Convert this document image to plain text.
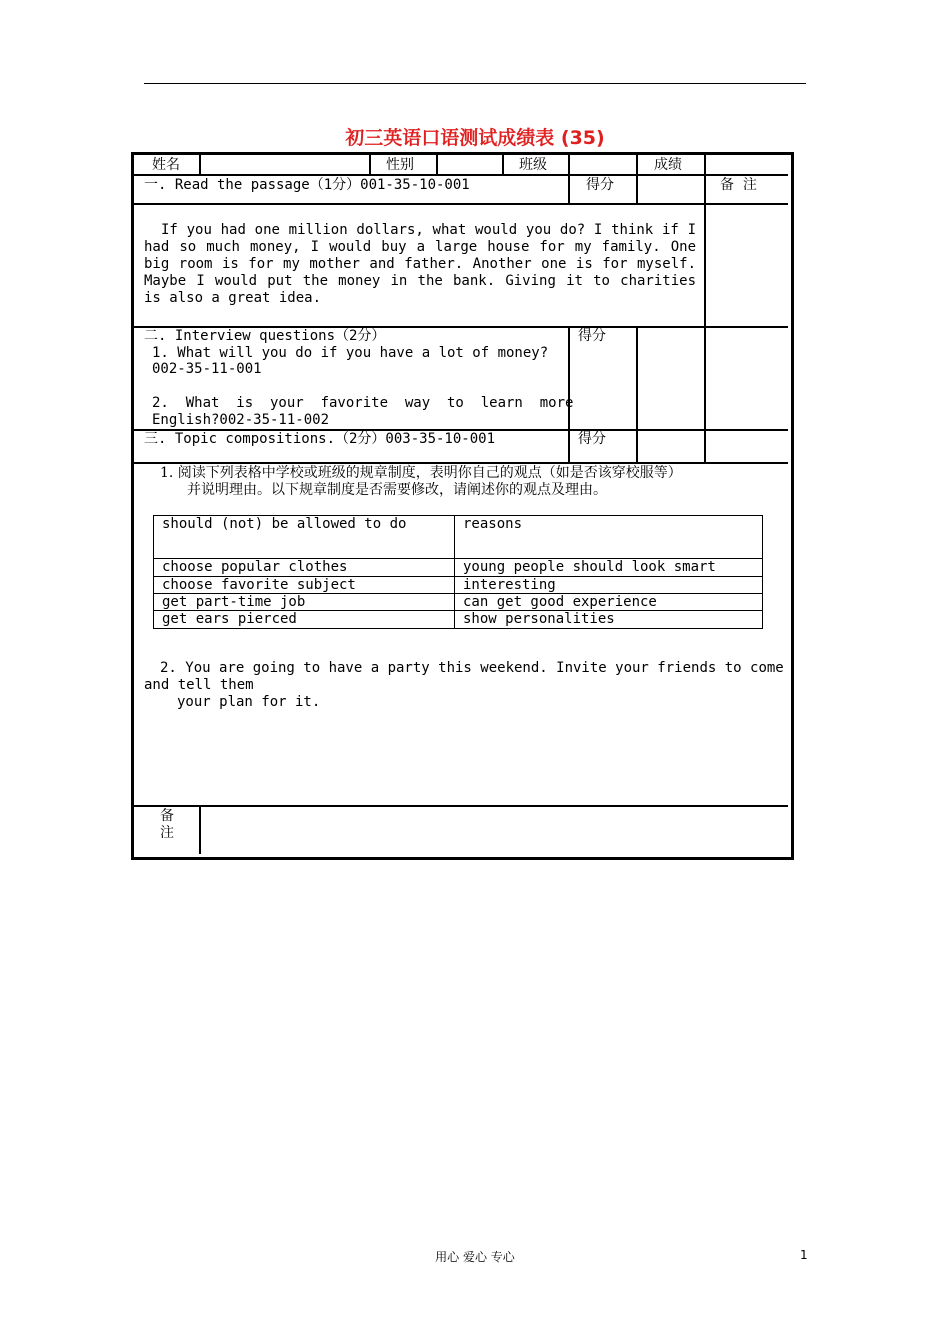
初三英语口语测试成绩表 (35)
姓名	性别	班级	成绩
一. Read the passage（1分）001-35-10-001	得分	备  注
If you had one million dollars, what would you do? I think if I had so much money, I would buy a large house for my family. One big room is for my mother and father. Another one is for myself. Maybe I would put the money in the bank. Giving it to charities is also a great idea.
二. Interview questions（2分）
1. What will you do if you have a lot of money?
002-35-11-001
2.  What  is  your  favorite  way  to  learn  more
English?002-35-11-002
得分
三. Topic compositions.（2分）003-35-10-001	得分
1. 阅读下列表格中学校或班级的规章制度，表明你自己的观点（如是否该穿校服等）
并说明理由。以下规章制度是否需要修改，请阐述你的观点及理由。
should (not) be allowed to do	reasons
choose popular clothes	young people should look smart
choose favorite subject	interesting
get part-time job	can get good experience
get ears pierced	show personalities
2. You are going to have a party this weekend. Invite your friends to come
and tell them
your plan for it.
备
注
用心 爱心 专心	1
